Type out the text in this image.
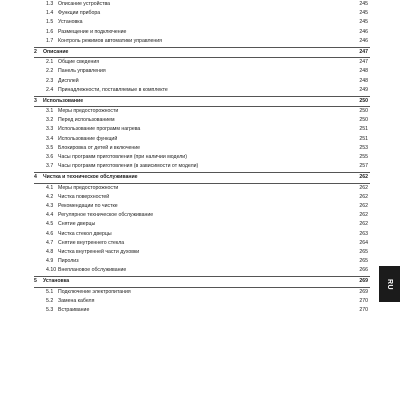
1.3 Описание устройства	245
1.4 Функции прибора	245
1.5 Установка	245
1.6 Размещение и подключение	246
1.7 Контроль режимов автоматики управления	246
2 Описание	247
2.1 Общие сведения	247
2.2 Панель управления	248
2.3 Дисплей	248
2.4 Принадлежности, поставляемые в комплекте	249
3 Использование	250
3.1 Меры предосторожности	250
3.2 Перед использованием	250
3.3 Использование программ нагрева	251
3.4 Использование функций	251
3.5 Блокировка от детей и включение	253
3.6 Часы программ приготовления (при наличии модели)	255
3.7 Часы программ приготовления (в зависимости от модели)	257
4 Чистка и техническое обслуживание	262
4.1 Меры предосторожности	262
4.2 Чистка поверхностей	262
4.3 Рекомендации по чистке	262
4.4 Регулярное техническое обслуживание	262
4.5 Снятие дверцы	262
4.6 Чистка стекол дверцы	263
4.7 Снятие внутреннего стекла	264
4.8 Чистка внутренней части духовки	265
4.9 Пиролиз	265
4.10 Внеплановое обслуживание	266
5 Установка	269
5.1 Подключение электропитания	269
5.2 Замена кабеля	270
5.3 Встраивание	270
RU
